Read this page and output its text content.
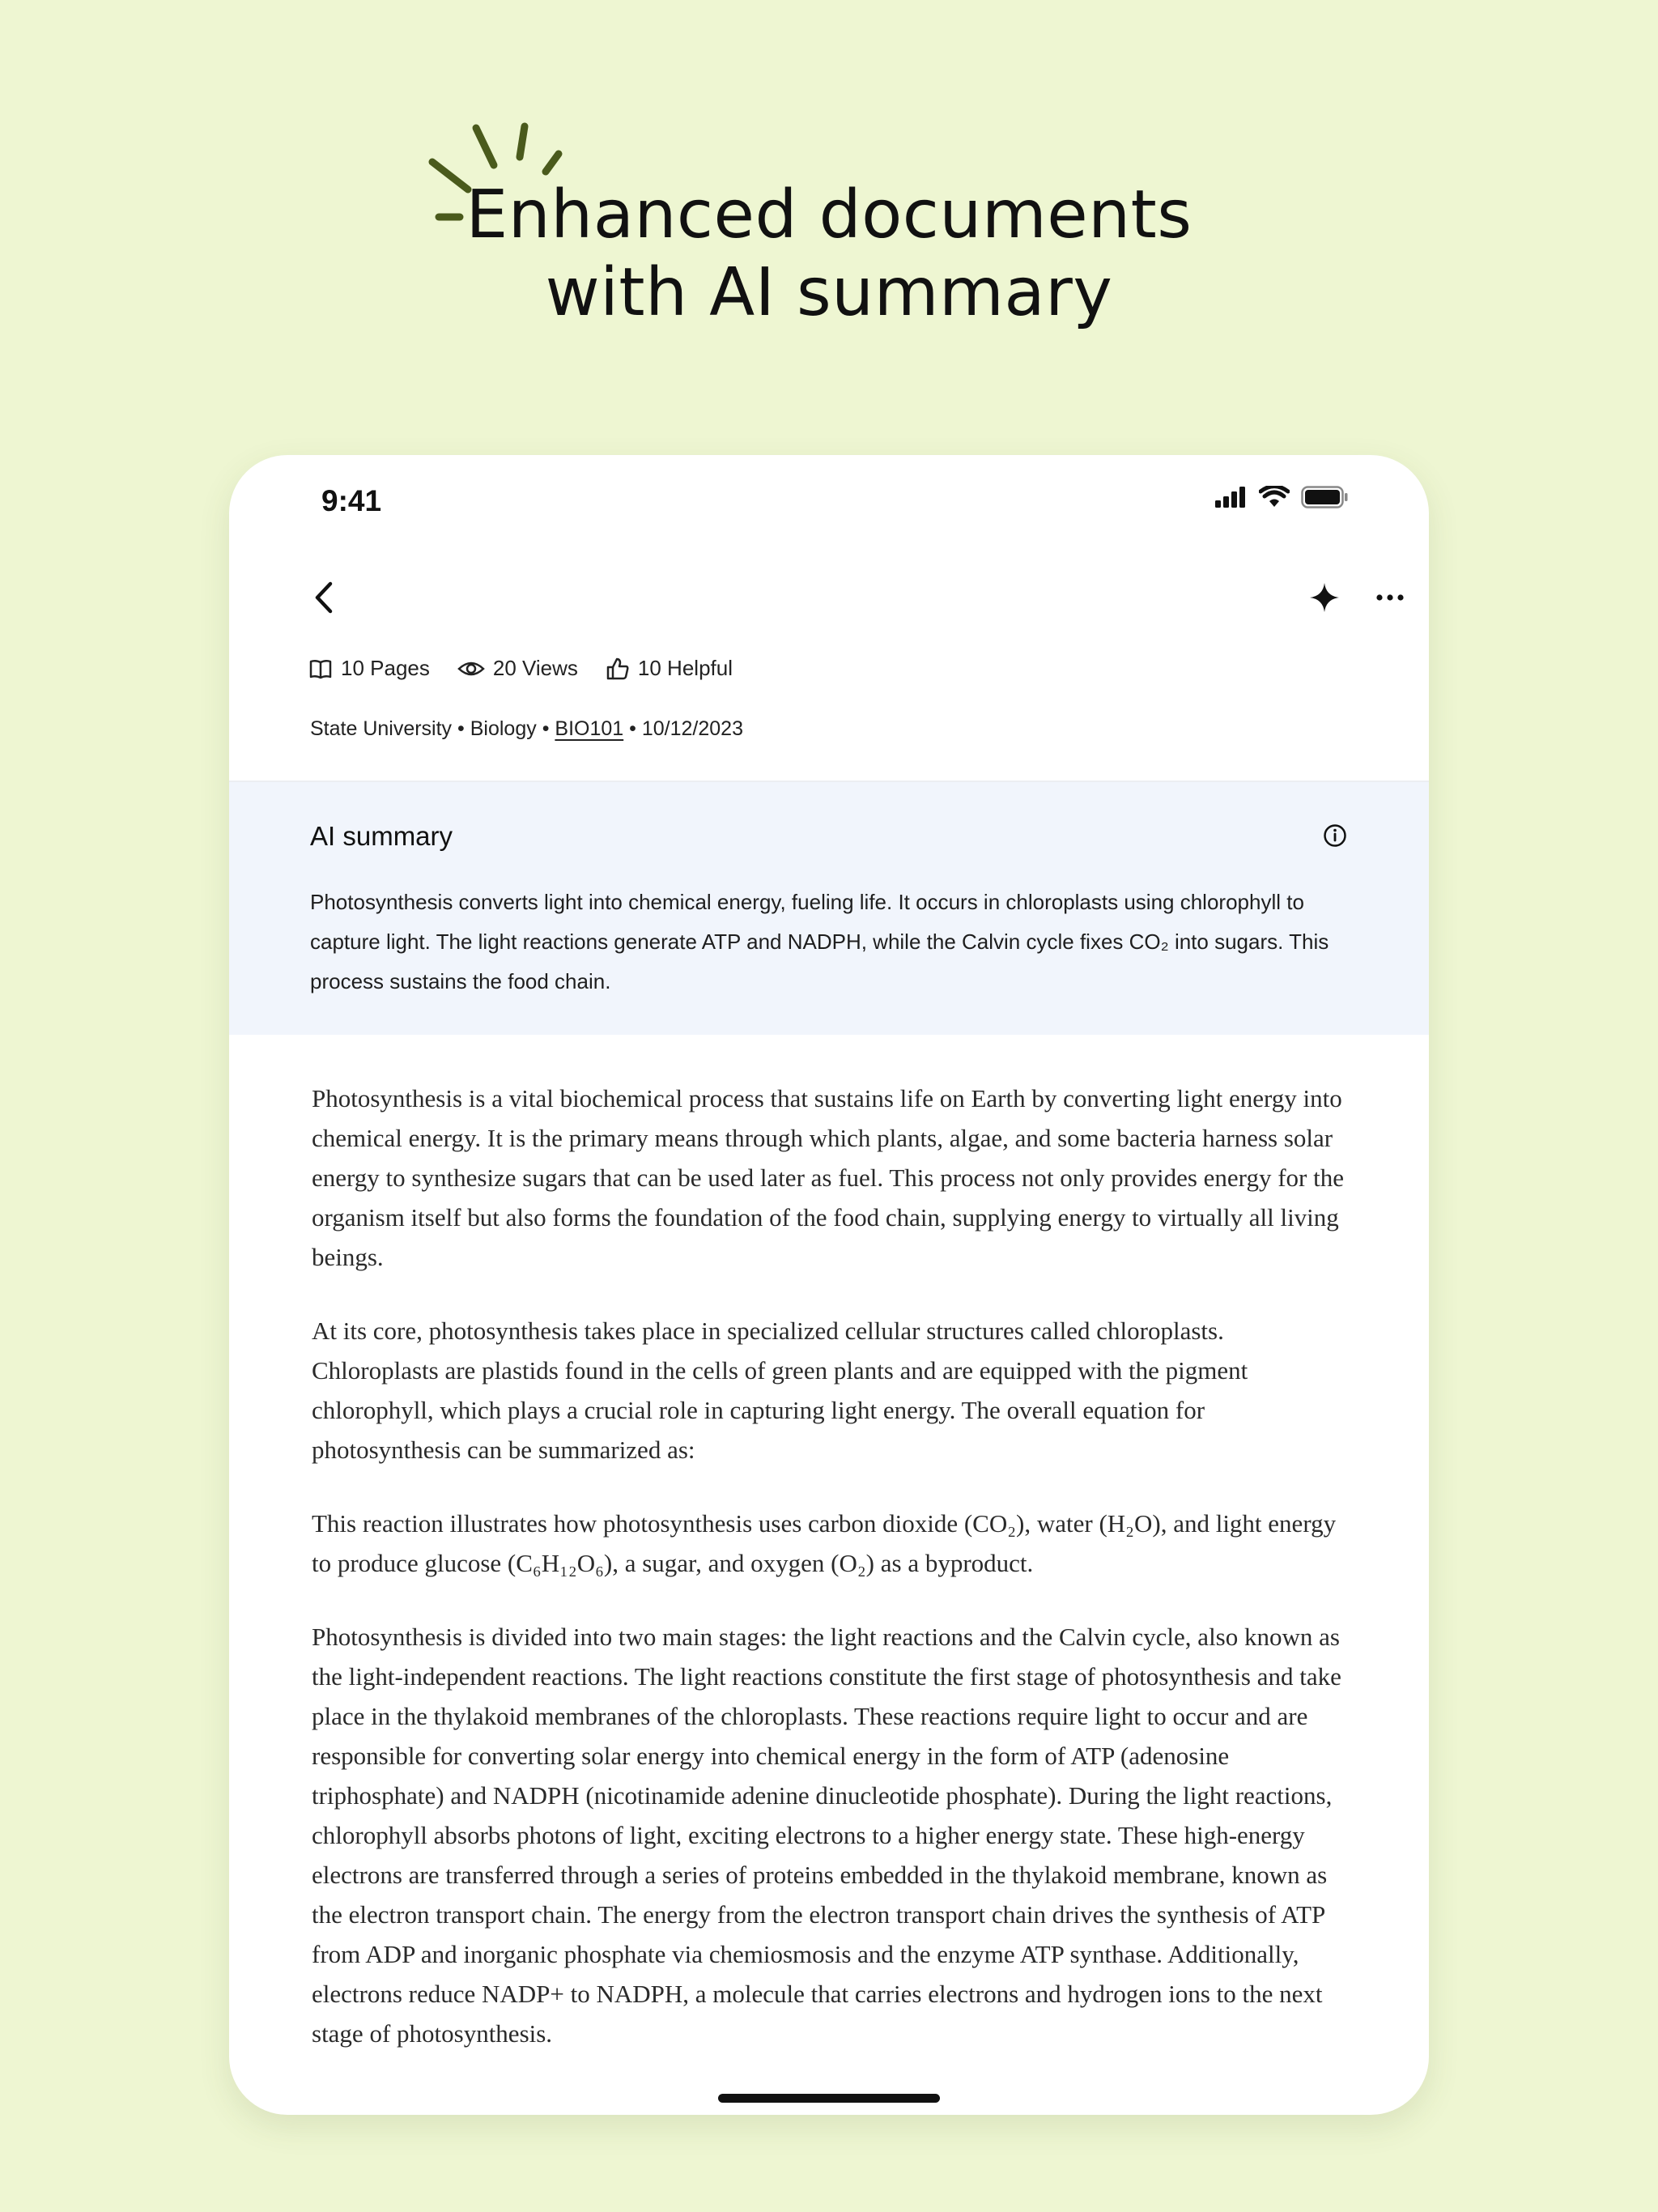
Enhanced documents
with AI summary
9:41
10 Pages	20 Views	10 Helpful
State University • Biology • BIO101 • 10/12/2023
AI summary

Photosynthesis converts light into chemical energy, fueling life. It occurs in chloroplasts using chlorophyll to capture light. The light reactions generate ATP and NADPH, while the Calvin cycle fixes CO₂ into sugars. This process sustains the food chain.

Photosynthesis is a vital biochemical process that sustains life on Earth by converting light energy into chemical energy. It is the primary means through which plants, algae, and some bacteria harness solar energy to synthesize sugars that can be used later as fuel. This process not only provides energy for the organism itself but also forms the foundation of the food chain, supplying energy to virtually all living beings.

At its core, photosynthesis takes place in specialized cellular structures called chloroplasts. Chloroplasts are plastids found in the cells of green plants and are equipped with the pigment chlorophyll, which plays a crucial role in capturing light energy. The overall equation for photosynthesis can be summarized as:

This reaction illustrates how photosynthesis uses carbon dioxide (CO₂), water (H₂O), and light energy to produce glucose (C₆H₁₂O₆), a sugar, and oxygen (O₂) as a byproduct.

Photosynthesis is divided into two main stages: the light reactions and the Calvin cycle, also known as the light-independent reactions. The light reactions constitute the first stage of photosynthesis and take place in the thylakoid membranes of the chloroplasts. These reactions require light to occur and are responsible for converting solar energy into chemical energy in the form of ATP (adenosine triphosphate) and NADPH (nicotinamide adenine dinucleotide phosphate). During the light reactions, chlorophyll absorbs photons of light, exciting electrons to a higher energy state. These high-energy electrons are transferred through a series of proteins embedded in the thylakoid membrane, known as the electron transport chain. The energy from the electron transport chain drives the synthesis of ATP from ADP and inorganic phosphate via chemiosmosis and the enzyme ATP synthase. Additionally, electrons reduce NADP+ to NADPH, a molecule that carries electrons and hydrogen ions to the next stage of photosynthesis.
